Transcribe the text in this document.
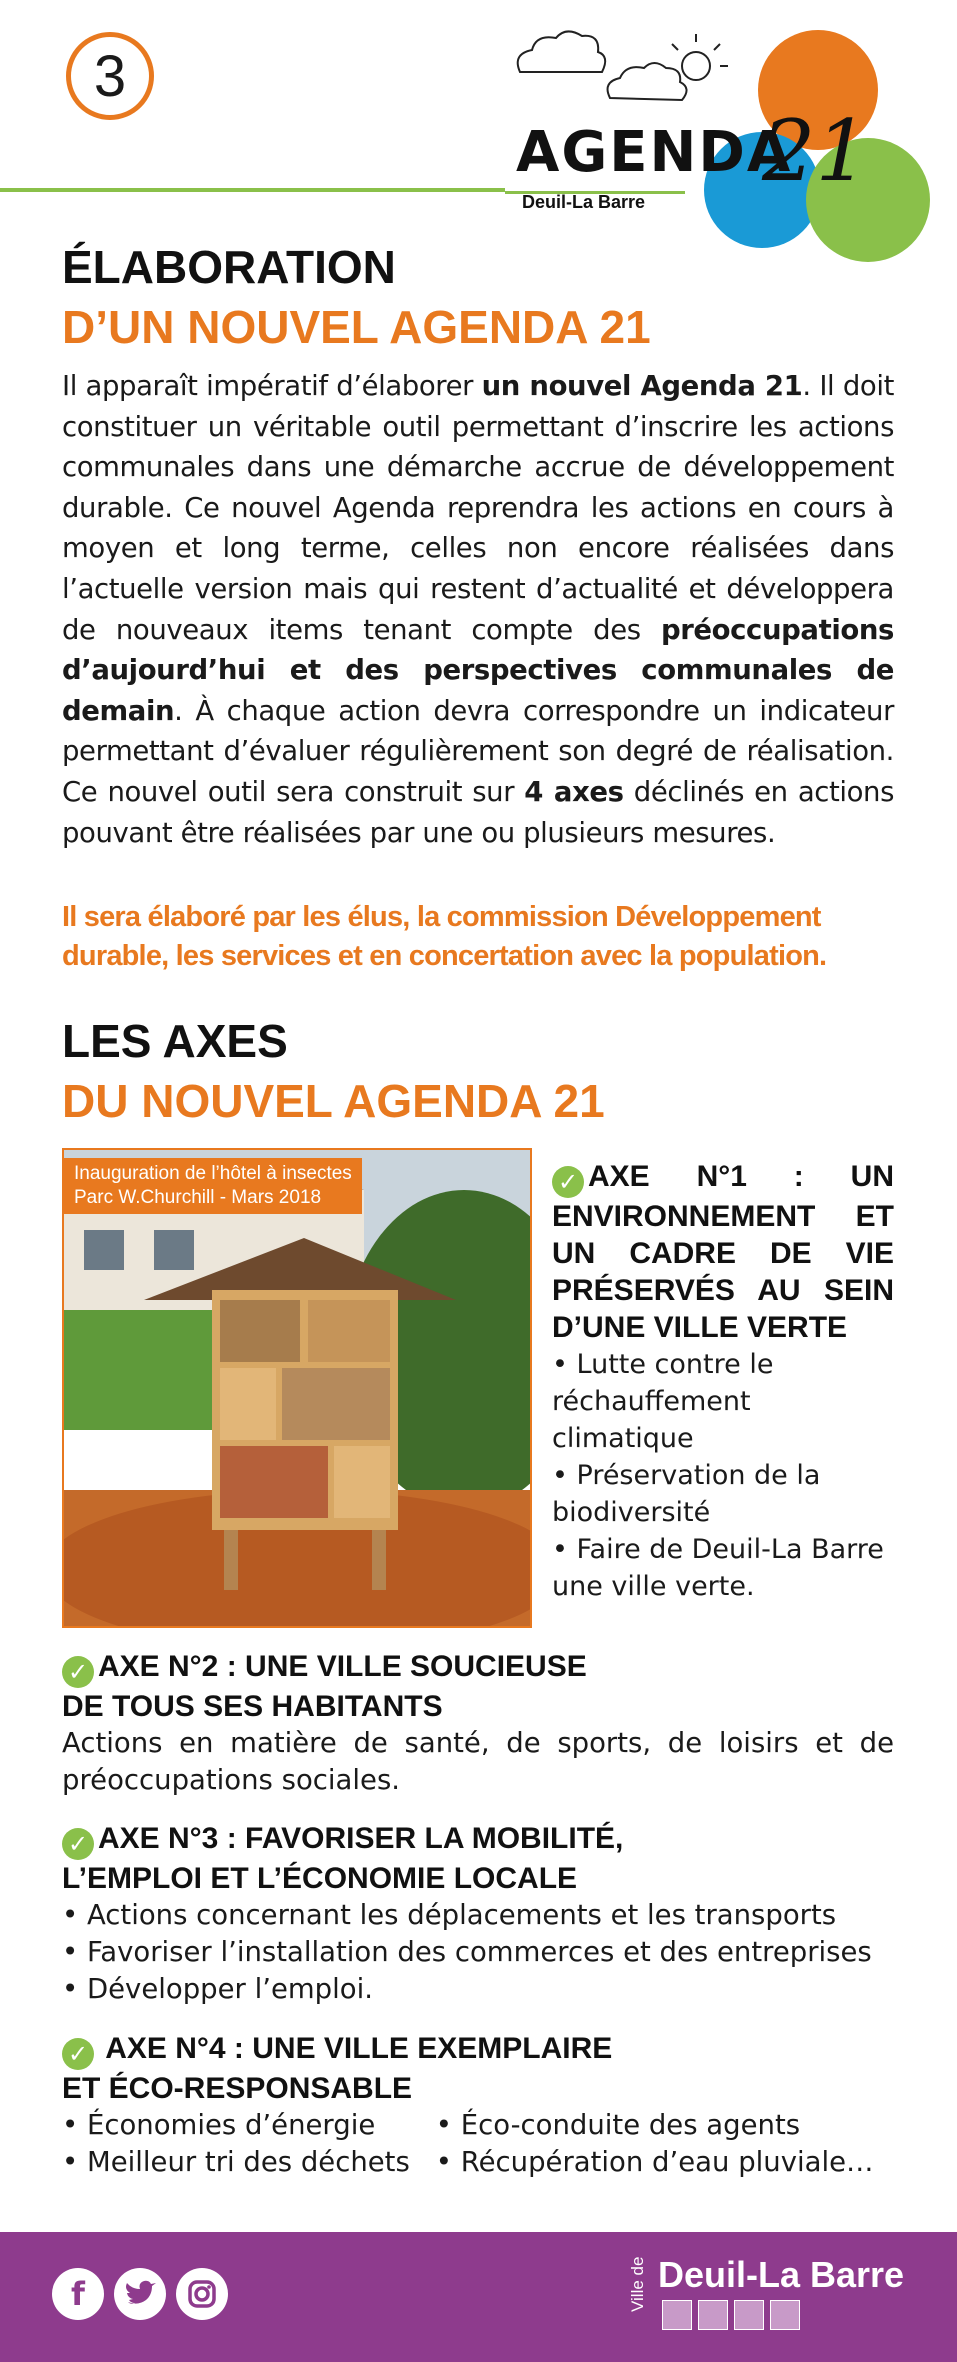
3
AGENDA
21
Deuil-La Barre
ÉLABORATION
D’UN NOUVEL AGENDA 21
Il apparaît impératif d’élaborer un nouvel Agenda 21. Il doit constituer un véritable outil permettant d’inscrire les actions communales dans une démarche accrue de développement durable. Ce nouvel Agenda reprendra les actions en cours à moyen et long terme, celles non encore réalisées dans l’actuelle version mais qui restent d’actualité et développera de nouveaux items tenant compte des préoccupations d’aujourd’hui et des perspectives communales de demain. À chaque action devra correspondre un indicateur permettant d’évaluer régulièrement son degré de réalisation. Ce nouvel outil sera construit sur 4 axes déclinés en actions pouvant être réalisées par une ou plusieurs mesures.
Il sera élaboré par les élus, la commission Développement durable, les services et en concertation avec la population.
LES AXES
DU NOUVEL AGENDA 21
Inauguration de l’hôtel à insectes
Parc W.Churchill - Mars 2018
✓ AXE N°1 : UN ENVIRONNEMENT ET UN CADRE DE VIE PRÉSERVÉS AU SEIN D’UNE VILLE VERTE
• Lutte contre le réchauffement climatique
• Préservation de la biodiversité
• Faire de Deuil-La Barre une ville verte.
✓ AXE N°2 : UNE VILLE SOUCIEUSE
DE TOUS SES HABITANTS
Actions en matière de santé, de sports, de loisirs et de préoccupations sociales.
✓ AXE N°3 : FAVORISER LA MOBILITÉ,
L’EMPLOI ET L’ÉCONOMIE LOCALE
• Actions concernant les déplacements et les transports
• Favoriser l’installation des commerces et des entreprises
• Développer l’emploi.
✓ AXE N°4 : UNE VILLE EXEMPLAIRE
ET ÉCO-RESPONSABLE
• Économies d’énergie
• Meilleur tri des déchets
• Éco-conduite des agents
• Récupération d’eau pluviale…
f	Ville de Deuil-La Barre
